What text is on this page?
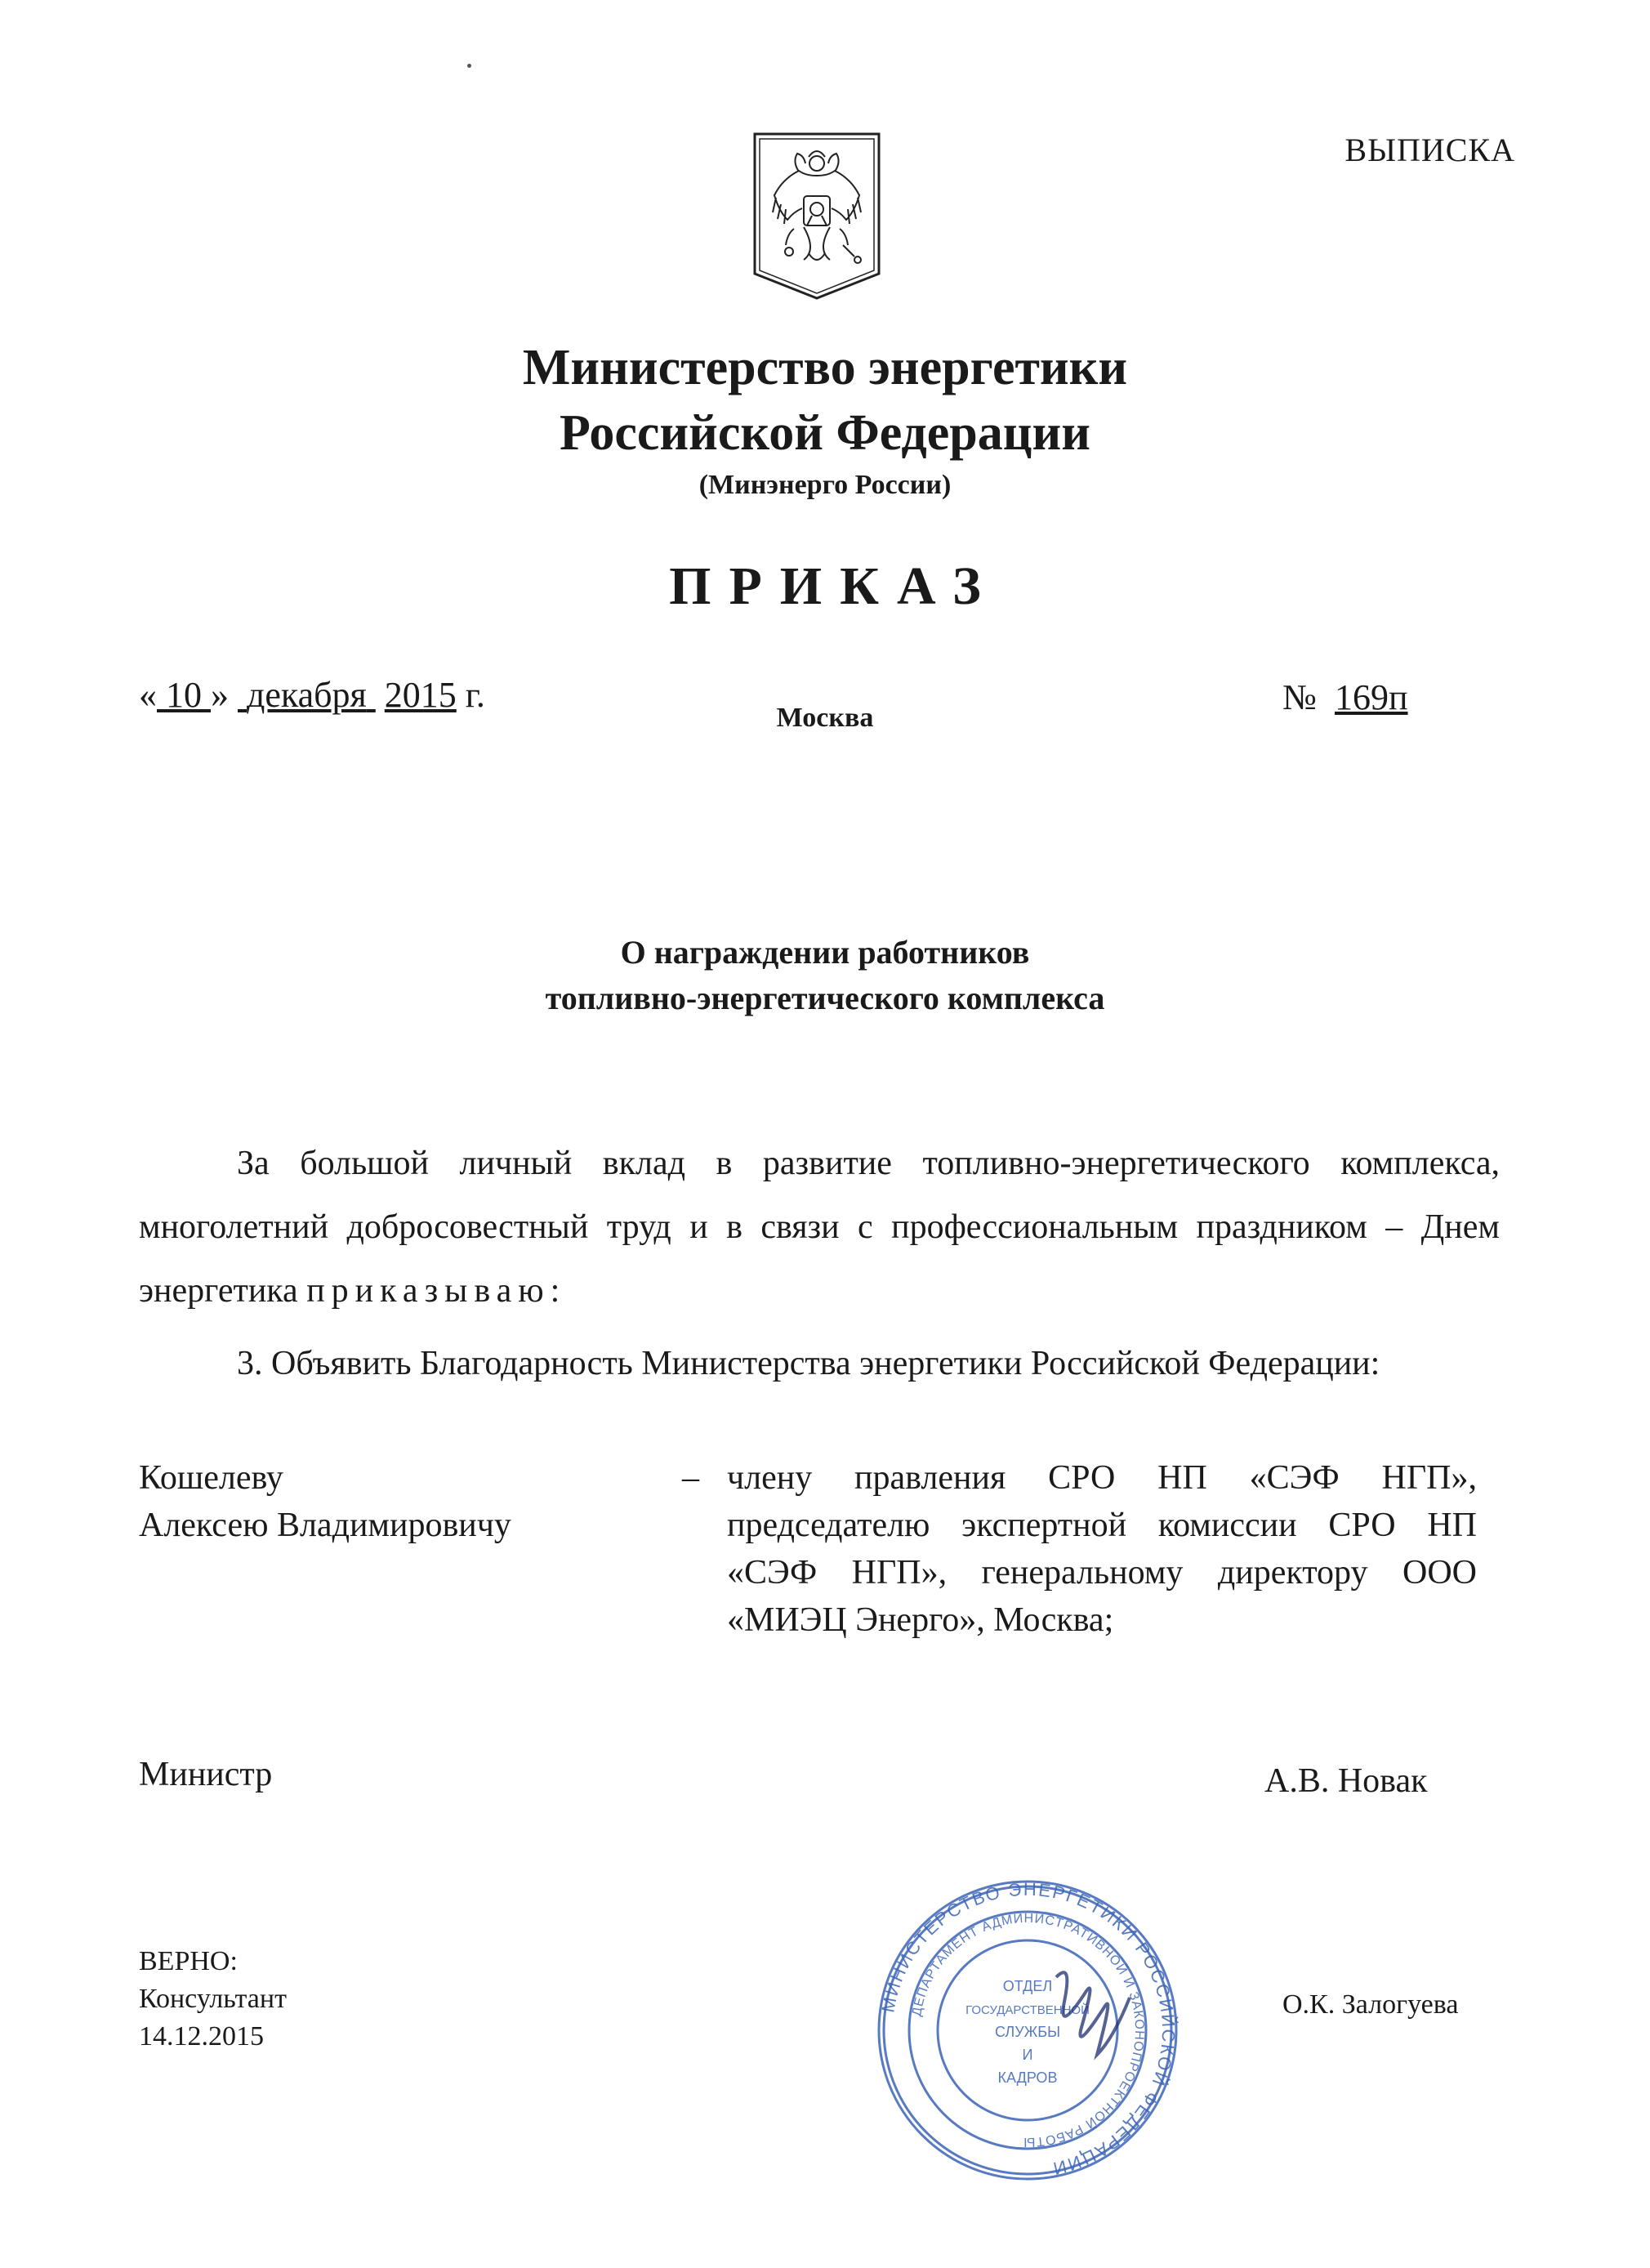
ВЫПИСКА
Министерство энергетики
Российской Федерации
(Минэнерго России)
ПРИКАЗ
« 10 » декабря 2015 г.
Москва
№ 169п
О награждении работников
топливно-энергетического комплекса
За большой личный вклад в развитие топливно-энергетического комплекса, многолетний добросовестный труд и в связи с профессиональным праздником – Днем энергетика приказываю:
3. Объявить Благодарность Министерства энергетики Российской Федерации:
Кошелеву
Алексею Владимировичу
– члену правления СРО НП «СЭФ НГП», председателю экспертной комиссии СРО НП «СЭФ НГП», генеральному директору ООО «МИЭЦ Энерго», Москва;
Министр	А.В. Новак
ВЕРНО:
Консультант
14.12.2015
МИНИСТЕРСТВО ЭНЕРГЕТИКИ РОССИЙСКОЙ ФЕДЕРАЦИИ
ДЕПАРТАМЕНТ АДМИНИСТРАТИВНОЙ И ЗАКОНОПРОЕКТНОЙ РАБОТЫ
ОТДЕЛ
ГОСУДАРСТВЕННОЙ
СЛУЖБЫ
И
КАДРОВ
О.К. Залогуева
